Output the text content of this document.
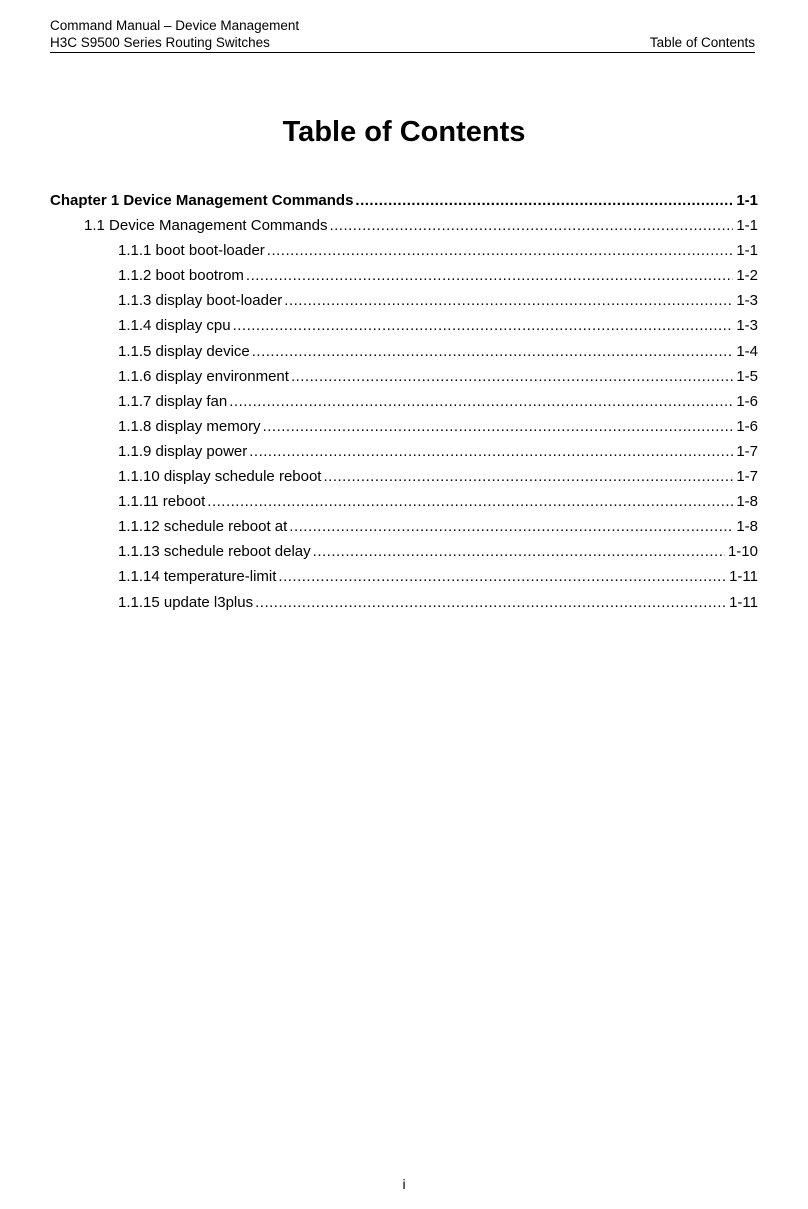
Command Manual – Device Management
H3C S9500 Series Routing Switches	Table of Contents
Table of Contents
Chapter 1 Device Management Commands .....	1-1
1.1 Device Management Commands .....	1-1
1.1.1 boot boot-loader .....	1-1
1.1.2 boot bootrom .....	1-2
1.1.3 display boot-loader .....	1-3
1.1.4 display cpu .....	1-3
1.1.5 display device .....	1-4
1.1.6 display environment .....	1-5
1.1.7 display fan .....	1-6
1.1.8 display memory .....	1-6
1.1.9 display power .....	1-7
1.1.10 display schedule reboot .....	1-7
1.1.11 reboot .....	1-8
1.1.12 schedule reboot at .....	1-8
1.1.13 schedule reboot delay .....	1-10
1.1.14 temperature-limit .....	1-11
1.1.15 update l3plus .....	1-11
i
